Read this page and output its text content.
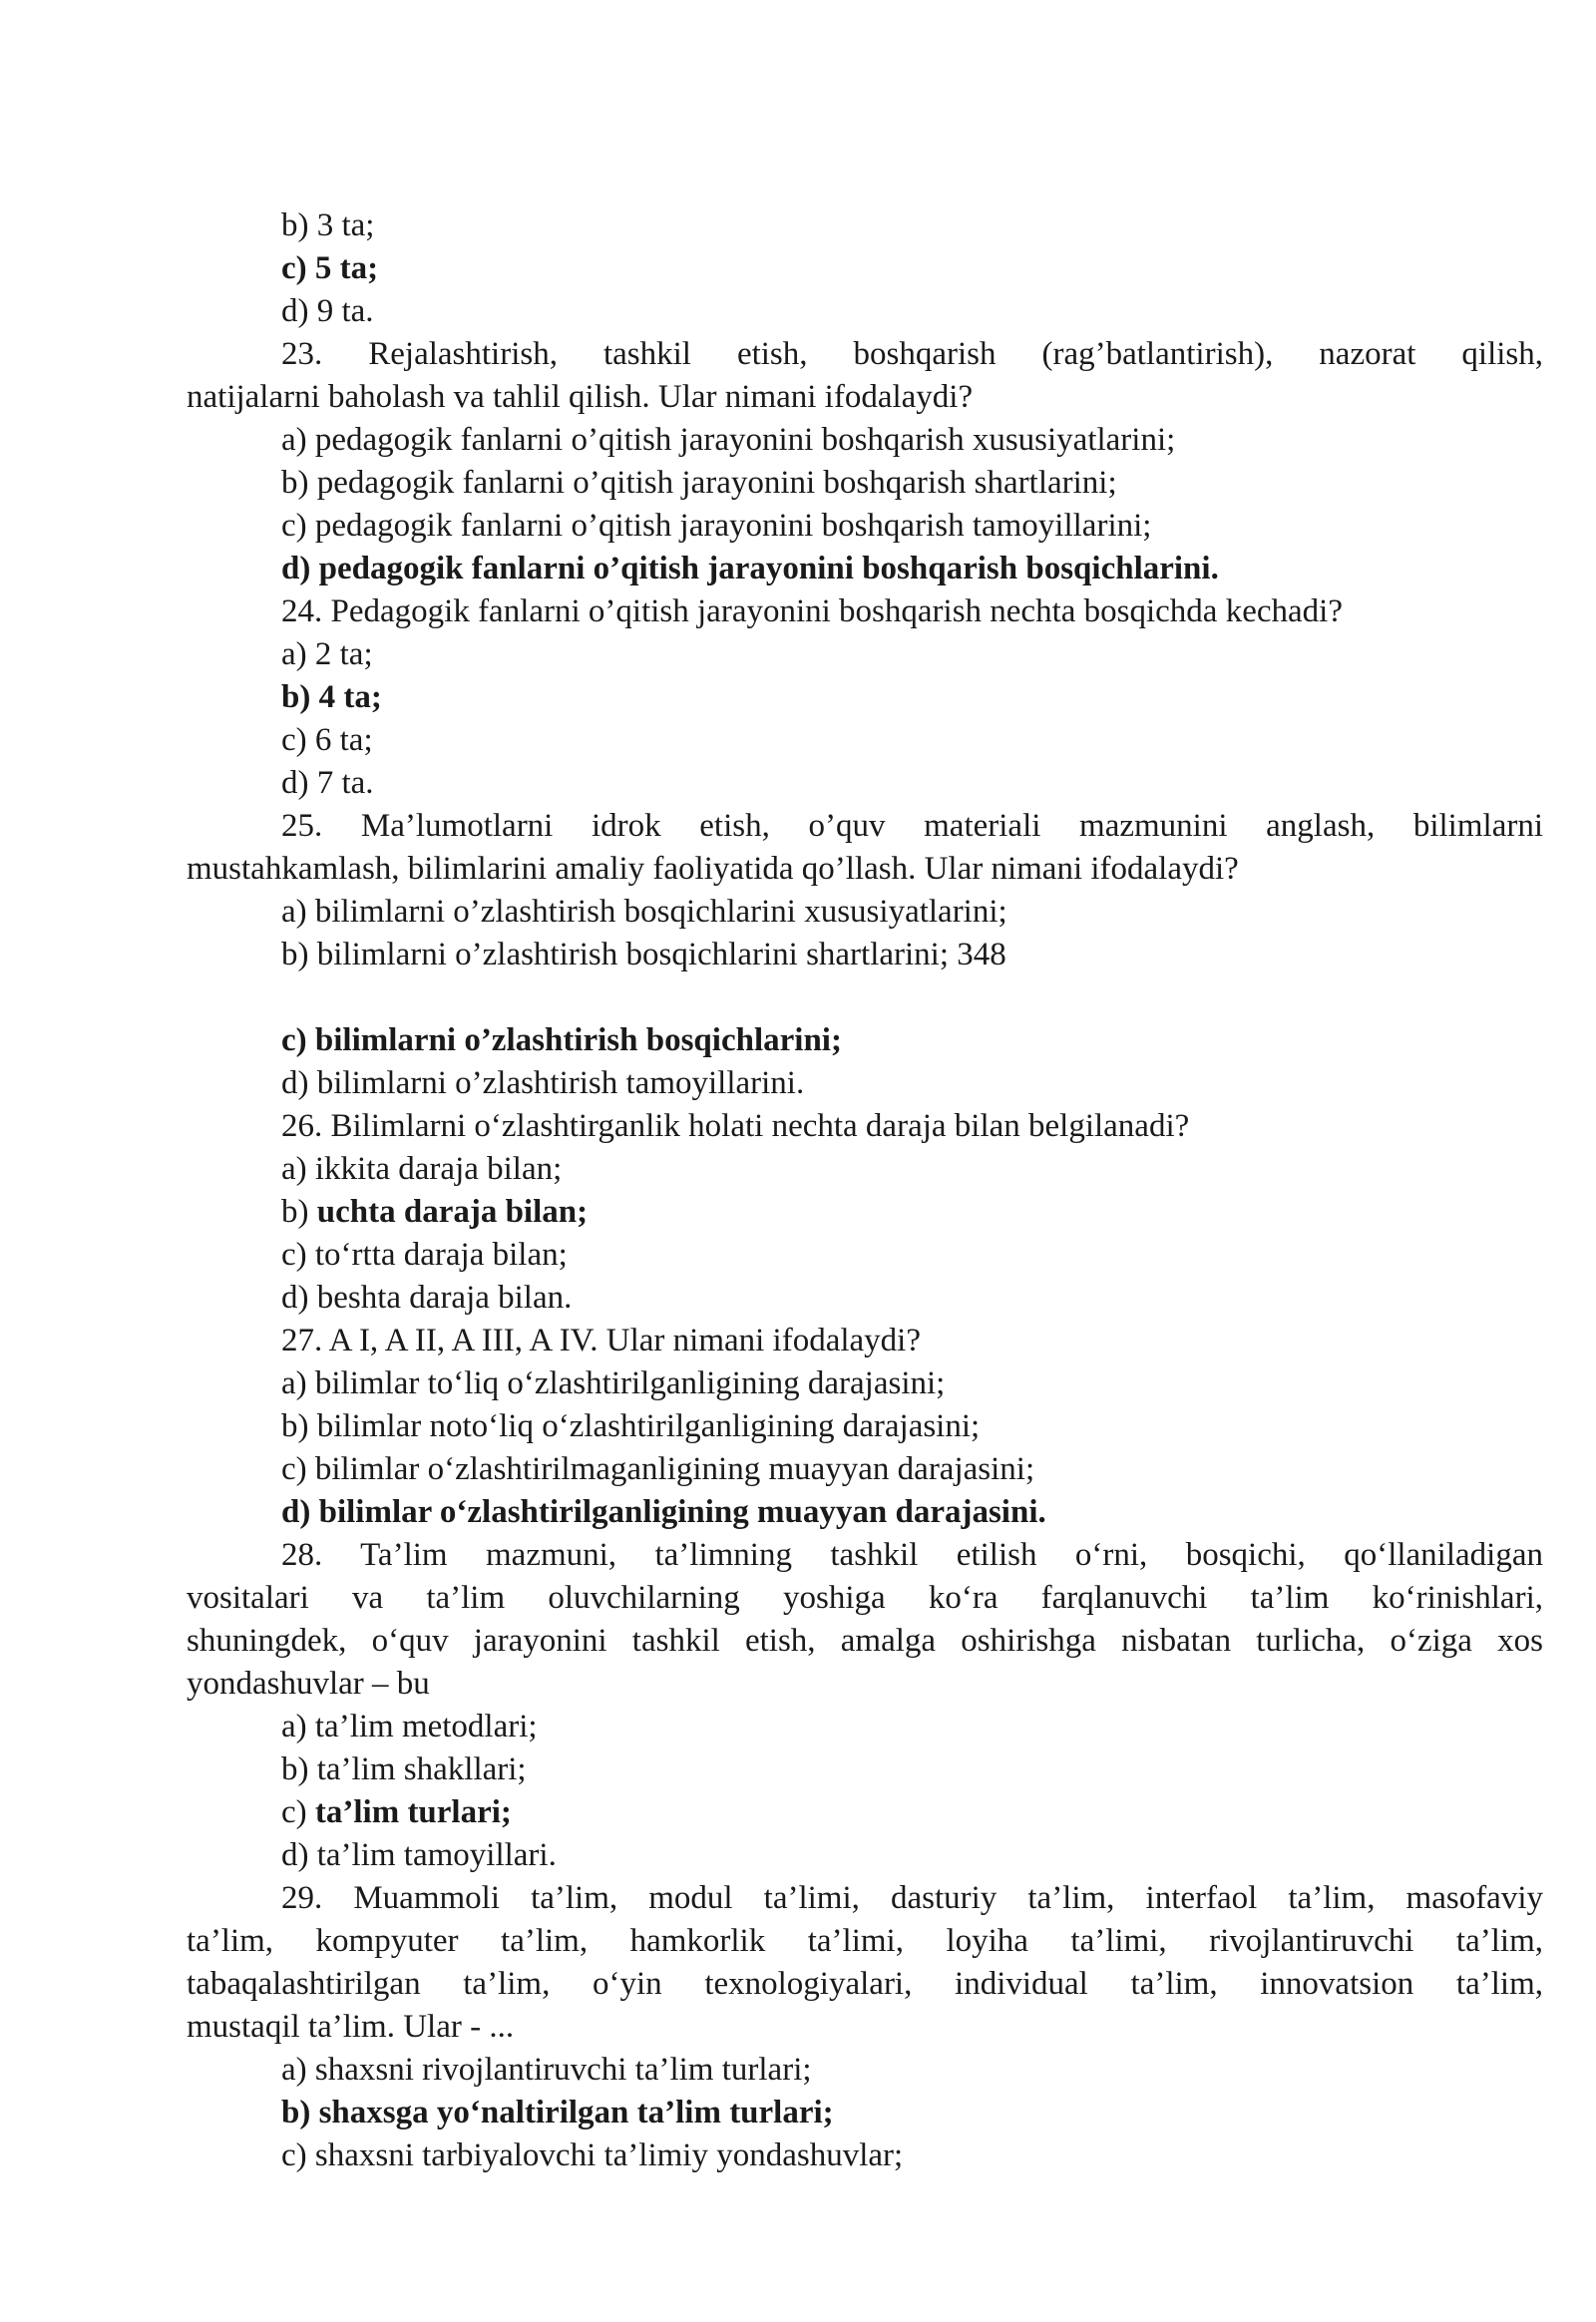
b) 3 ta;
c) 5 ta;
d) 9 ta.
23. Rejalashtirish, tashkil etish, boshqarish (rag’batlantirish), nazorat qilish,
natijalarni baholash va tahlil qilish. Ular nimani ifodalaydi?
a) pedagogik fanlarni o’qitish jarayonini boshqarish xususiyatlarini;
b) pedagogik fanlarni o’qitish jarayonini boshqarish shartlarini;
c) pedagogik fanlarni o’qitish jarayonini boshqarish tamoyillarini;
d) pedagogik fanlarni o’qitish jarayonini boshqarish bosqichlarini.
24. Pedagogik fanlarni o’qitish jarayonini boshqarish nechta bosqichda kechadi?
a) 2 ta;
b) 4 ta;
c) 6 ta;
d) 7 ta.
25. Ma’lumotlarni idrok etish, o’quv materiali mazmunini anglash, bilimlarni
mustahkamlash, bilimlarini amaliy faoliyatida qo’llash. Ular nimani ifodalaydi?
a) bilimlarni o’zlashtirish bosqichlarini xususiyatlarini;
b) bilimlarni o’zlashtirish bosqichlarini shartlarini; 348
c) bilimlarni o’zlashtirish bosqichlarini;
d) bilimlarni o’zlashtirish tamoyillarini.
26. Bilimlarni o‘zlashtirganlik holati nechta daraja bilan belgilanadi?
a) ikkita daraja bilan;
b) uchta daraja bilan;
c) to‘rtta daraja bilan;
d) beshta daraja bilan.
27. A I, A II, A III, A IV. Ular nimani ifodalaydi?
a) bilimlar to‘liq o‘zlashtirilganligining darajasini;
b) bilimlar noto‘liq o‘zlashtirilganligining darajasini;
c) bilimlar o‘zlashtirilmaganligining muayyan darajasini;
d) bilimlar o‘zlashtirilganligining muayyan darajasini.
28. Ta’lim mazmuni, ta’limning tashkil etilish o‘rni, bosqichi, qo‘llaniladigan
vositalari va ta’lim oluvchilarning yoshiga ko‘ra farqlanuvchi ta’lim ko‘rinishlari,
shuningdek, o‘quv jarayonini tashkil etish, amalga oshirishga nisbatan turlicha, o‘ziga xos
yondashuvlar – bu
a) ta’lim metodlari;
b) ta’lim shakllari;
c) ta’lim turlari;
d) ta’lim tamoyillari.
29. Muammoli ta’lim, modul ta’limi, dasturiy ta’lim, interfaol ta’lim, masofaviy
ta’lim, kompyuter ta’lim, hamkorlik ta’limi, loyiha ta’limi, rivojlantiruvchi ta’lim,
tabaqalashtirilgan ta’lim, o‘yin texnologiyalari, individual ta’lim, innovatsion ta’lim,
mustaqil ta’lim. Ular - ...
a) shaxsni rivojlantiruvchi ta’lim turlari;
b) shaxsga yo‘naltirilgan ta’lim turlari;
c) shaxsni tarbiyalovchi ta’limiy yondashuvlar;
